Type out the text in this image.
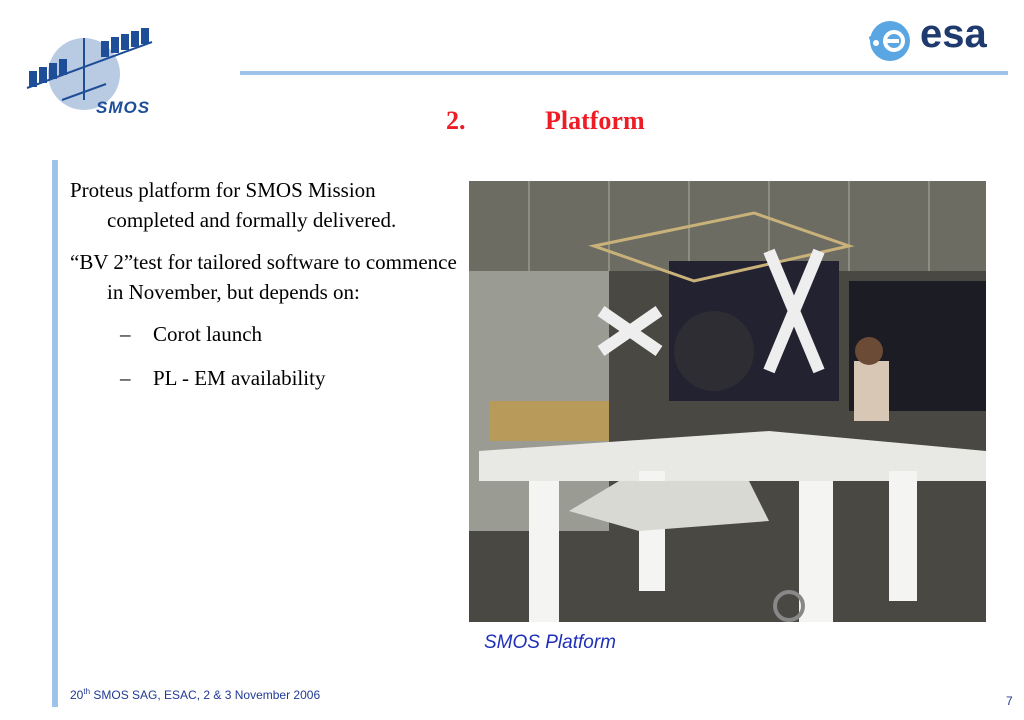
SMOS
esa
2.	Platform
Proteus platform for SMOS Mission completed and formally delivered.
“BV 2”test for tailored software to commence in November, but depends on:
– Corot launch
– PL - EM availability
SMOS Platform
20th SMOS SAG, ESAC, 2 & 3 November 2006	7
